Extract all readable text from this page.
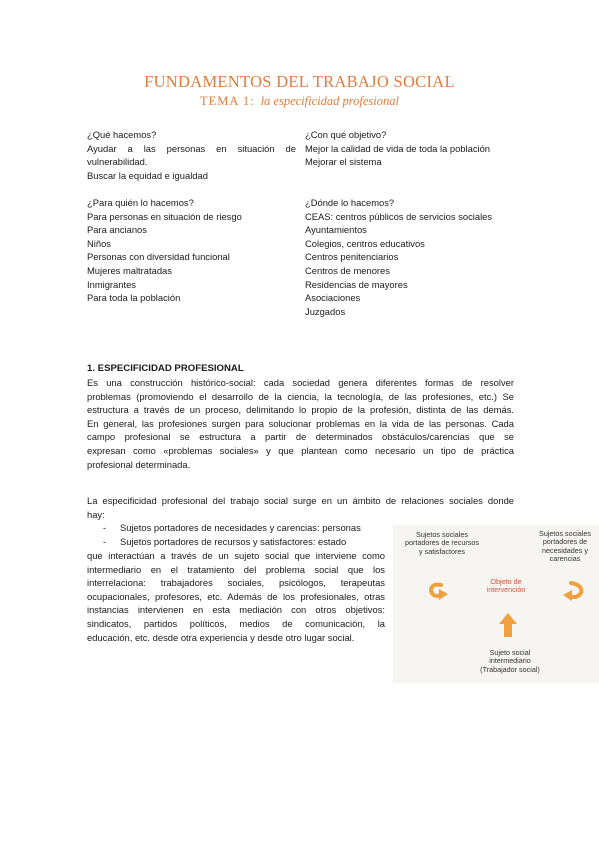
FUNDAMENTOS DEL TRABAJO SOCIAL
TEMA 1: la especificidad profesional
¿Qué hacemos?
Ayudar a las personas en situación de
vulnerabilidad.
Buscar la equidad e igualdad
¿Con qué objetivo?
Mejor la calidad de vida de toda la población
Mejorar el sistema
¿Para quién lo hacemos?
Para personas en situación de riesgo
Para ancianos
Niños
Personas con diversidad funcional
Mujeres maltratadas
Inmigrantes
Para toda la población
¿Dónde lo hacemos?
CEAS: centros públicos de servicios sociales
Ayuntamientos
Colegios, centros educativos
Centros penitenciarios
Centros de menores
Residencias de mayores
Asociaciones
Juzgados
1. ESPECIFICIDAD PROFESIONAL
Es una construcción histórico-social: cada sociedad genera diferentes formas de resolver
problemas (promoviendo el desarrollo de la ciencia, la tecnología, de las profesiones, etc.) Se
estructura a través de un proceso, delimitando lo propio de la profesión, distinta de las demás.
En general, las profesiones surgen para solucionar problemas en la vida de las personas. Cada
campo profesional se estructura a partir de determinados obstáculos/carencias que se
expresan como «problemas sociales» y que plantean como necesario un tipo de práctica
profesional determinada.
La especificidad profesional del trabajo social surge en un ámbito de relaciones sociales donde
hay:
- Sujetos portadores de necesidades y carencias: personas
- Sujetos portadores de recursos y satisfactores: estado
que interactúan a través de un sujeto social que interviene como
intermediario en el tratamiento del problema social que los
interrelaciona: trabajadores sociales, psicólogos, terapeutas
ocupacionales, profesores, etc. Además de los profesionales, otras
instancias intervienen en esta mediación con otros objetivos:
sindicatos, partidos políticos, medios de comunicación, la
educación, etc. desde otra experiencia y desde otro lugar social.
Sujetos sociales
portadores de recursos
y satisfactores
Sujetos sociales
portadores de
necesidades y
carencias
Objeto de
intervención
Sujeto social
intermediario
(Trabajador social)
